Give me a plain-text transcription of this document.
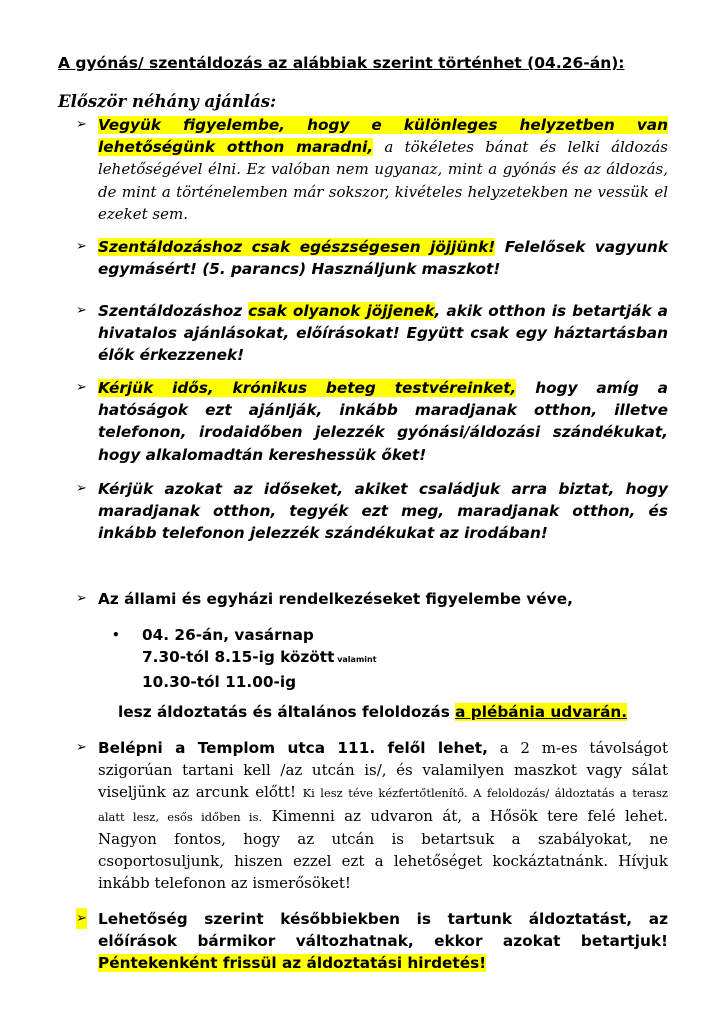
A gyónás/ szentáldozás az alábbiak szerint történhet (04.26-án):
Először néhány ajánlás:
➢ Vegyük figyelembe, hogy e különleges helyzetben van lehetőségünk otthon maradni, a tökéletes bánat és lelki áldozás lehetőségével élni. Ez valóban nem ugyanaz, mint a gyónás és az áldozás, de mint a történelemben már sokszor, kivételes helyzetekben ne vessük el ezeket sem.
➢ Szentáldozáshoz csak egészségesen jöjjünk! Felelősek vagyunk egymásért! (5. parancs) Használjunk maszkot!
➢ Szentáldozáshoz csak olyanok jöjjenek, akik otthon is betartják a hivatalos ajánlásokat, előírásokat! Együtt csak egy háztartásban élők érkezzenek!
➢ Kérjük idős, krónikus beteg testvéreinket, hogy amíg a hatóságok ezt ajánlják, inkább maradjanak otthon, illetve telefonon, irodaidőben jelezzék gyónási/áldozási szándékukat, hogy alkalomadtán kereshessük őket!
➢ Kérjük azokat az időseket, akiket családjuk arra biztat, hogy maradjanak otthon, tegyék ezt meg, maradjanak otthon, és inkább telefonon jelezzék szándékukat az irodában!
➢ Az állami és egyházi rendelkezéseket figyelembe véve,
• 04. 26-án, vasárnap
7.30-tól 8.15-ig között valamint
10.30-tól 11.00-ig
lesz áldoztatás és általános feloldozás a plébánia udvarán.
➢ Belépni a Templom utca 111. felől lehet, a 2 m-es távolságot szigorúan tartani kell /az utcán is/, és valamilyen maszkot vagy sálat viseljünk az arcunk előtt! Ki lesz téve kézfertőtlenítő. A feloldozás/ áldoztatás a terasz alatt lesz, esős időben is. Kimenni az udvaron át, a Hősök tere felé lehet. Nagyon fontos, hogy az utcán is betartsuk a szabályokat, ne csoportosuljunk, hiszen ezzel ezt a lehetőséget kockáztatnánk. Hívjuk inkább telefonon az ismerősöket!
➢ Lehetőség szerint későbbiekben is tartunk áldoztatást, az előírások bármikor változhatnak, ekkor azokat betartjuk! Péntekenként frissül az áldoztatási hirdetés!
